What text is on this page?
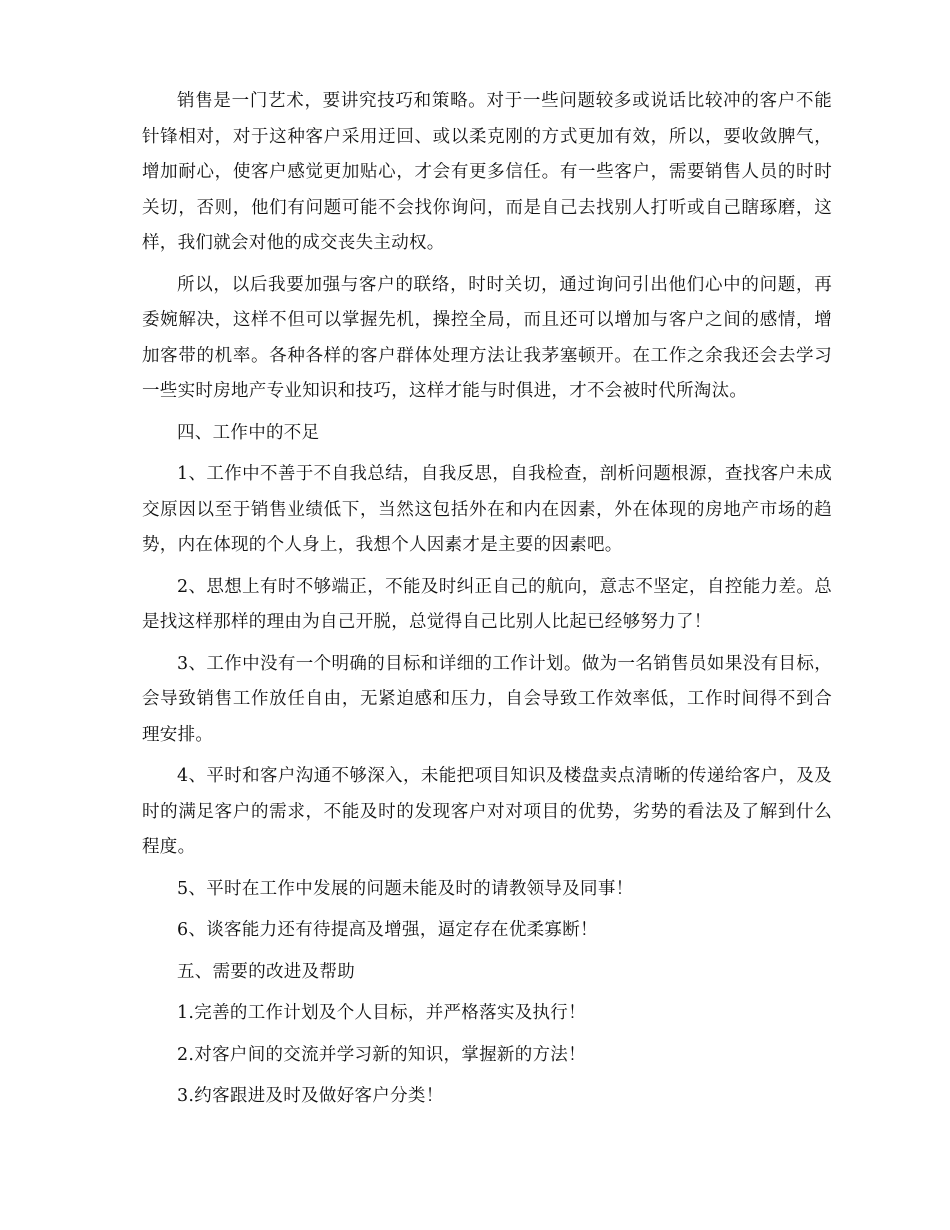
销售是一门艺术，要讲究技巧和策略。对于一些问题较多或说话比较冲的客户不能针锋相对，对于这种客户采用迂回、或以柔克刚的方式更加有效，所以，要收敛脾气，增加耐心，使客户感觉更加贴心，才会有更多信任。有一些客户，需要销售人员的时时关切，否则，他们有问题可能不会找你询问，而是自己去找别人打听或自己瞎琢磨，这样，我们就会对他的成交丧失主动权。

所以，以后我要加强与客户的联络，时时关切，通过询问引出他们心中的问题，再委婉解决，这样不但可以掌握先机，操控全局，而且还可以增加与客户之间的感情，增加客带的机率。各种各样的客户群体处理方法让我茅塞顿开。在工作之余我还会去学习一些实时房地产专业知识和技巧，这样才能与时俱进，才不会被时代所淘汰。

四、工作中的不足

1、工作中不善于不自我总结，自我反思，自我检查，剖析问题根源，查找客户未成交原因以至于销售业绩低下，当然这包括外在和内在因素，外在体现的房地产市场的趋势，内在体现的个人身上，我想个人因素才是主要的因素吧。

2、思想上有时不够端正，不能及时纠正自己的航向，意志不坚定，自控能力差。总是找这样那样的理由为自己开脱，总觉得自己比别人比起已经够努力了！

3、工作中没有一个明确的目标和详细的工作计划。做为一名销售员如果没有目标，会导致销售工作放任自由，无紧迫感和压力，自会导致工作效率低，工作时间得不到合理安排。

4、平时和客户沟通不够深入，未能把项目知识及楼盘卖点清晰的传递给客户，及及时的满足客户的需求，不能及时的发现客户对对项目的优势，劣势的看法及了解到什么程度。

5、平时在工作中发展的问题未能及时的请教领导及同事！

6、谈客能力还有待提高及增强，逼定存在优柔寡断！

五、需要的改进及帮助

1.完善的工作计划及个人目标，并严格落实及执行！

2.对客户间的交流并学习新的知识，掌握新的方法！

3.约客跟进及时及做好客户分类！
